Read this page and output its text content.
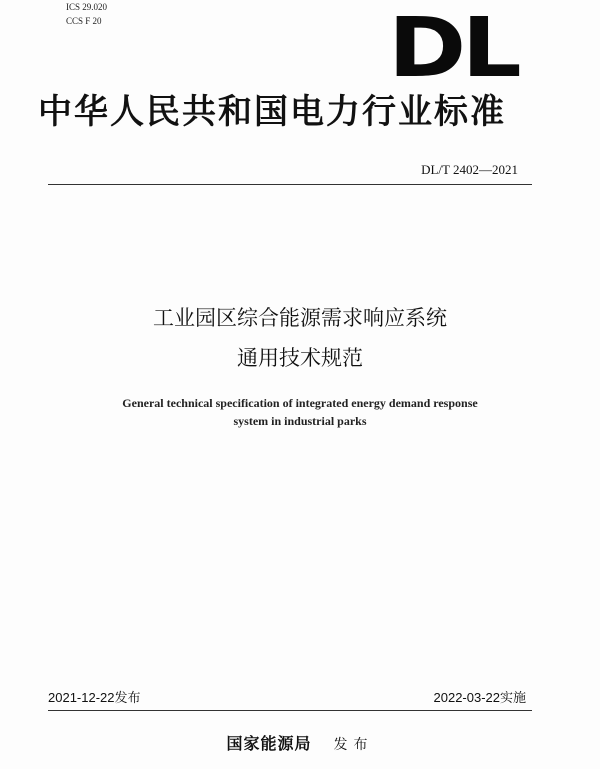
ICS 29.020
CCS F 20	DL
中华人民共和国电力行业标准
DL/T 2402—2021
工业园区综合能源需求响应系统
通用技术规范
General technical specification of integrated energy demand response
system in industrial parks
2021-12-22发布	2022-03-22实施
国家能源局 发布
